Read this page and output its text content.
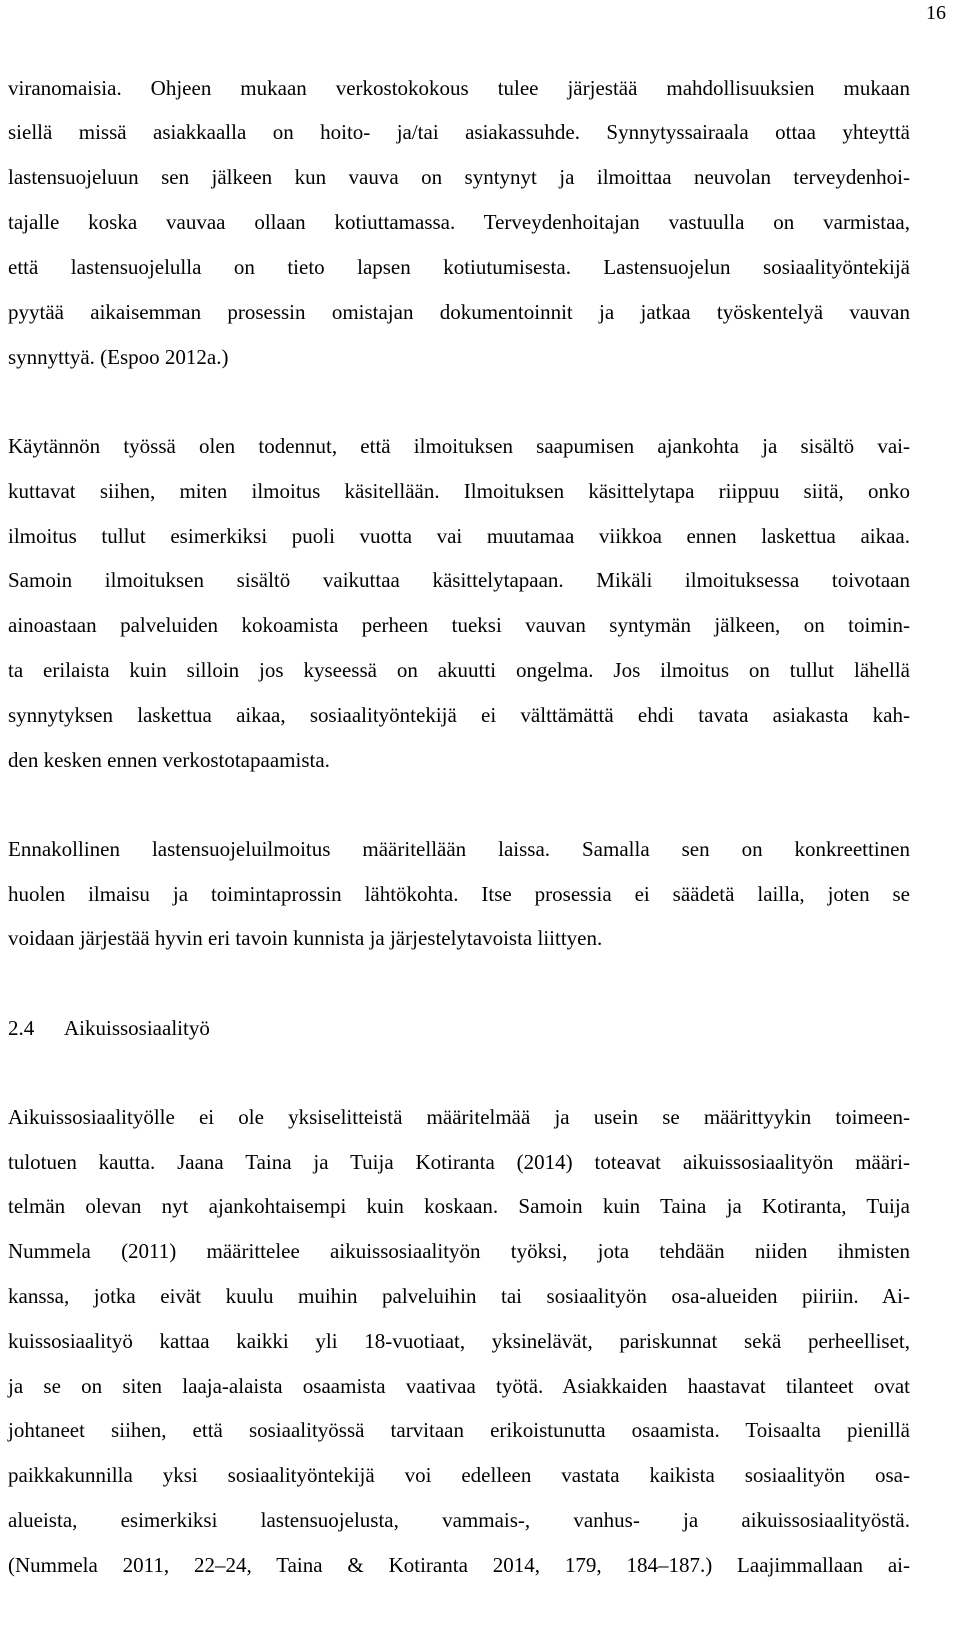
16
viranomaisia. Ohjeen mukaan verkostokokous tulee järjestää mahdollisuuksien mukaan
siellä missä asiakkaalla on hoito- ja/tai asiakassuhde. Synnytyssairaala ottaa yhteyttä
lastensuojeluun sen jälkeen kun vauva on syntynyt ja ilmoittaa neuvolan terveydenhoi-
tajalle koska vauvaa ollaan kotiuttamassa. Terveydenhoitajan vastuulla on varmistaa,
että lastensuojelulla on tieto lapsen kotiutumisesta. Lastensuojelun sosiaalityöntekijä
pyytää aikaisemman prosessin omistajan dokumentoinnit ja jatkaa työskentelyä vauvan
synnyttyä. (Espoo 2012a.)
Käytännön työssä olen todennut, että ilmoituksen saapumisen ajankohta ja sisältö vai-
kuttavat siihen, miten ilmoitus käsitellään. Ilmoituksen käsittelytapa riippuu siitä, onko
ilmoitus tullut esimerkiksi puoli vuotta vai muutamaa viikkoa ennen laskettua aikaa.
Samoin ilmoituksen sisältö vaikuttaa käsittelytapaan. Mikäli ilmoituksessa toivotaan
ainoastaan palveluiden kokoamista perheen tueksi vauvan syntymän jälkeen, on toimin-
ta erilaista kuin silloin jos kyseessä on akuutti ongelma. Jos ilmoitus on tullut lähellä
synnytyksen laskettua aikaa, sosiaalityöntekijä ei välttämättä ehdi tavata asiakasta kah-
den kesken ennen verkostotapaamista.
Ennakollinen lastensuojeluilmoitus määritellään laissa. Samalla sen on konkreettinen
huolen ilmaisu ja toimintaprossin lähtökohta. Itse prosessia ei säädetä lailla, joten se
voidaan järjestää hyvin eri tavoin kunnista ja järjestelytavoista liittyen.
2.4 Aikuissosiaalityö
Aikuissosiaalityölle ei ole yksiselitteistä määritelmää ja usein se määrittyykin toimeen-
tulotuen kautta. Jaana Taina ja Tuija Kotiranta (2014) toteavat aikuissosiaalityön määri-
telmän olevan nyt ajankohtaisempi kuin koskaan. Samoin kuin Taina ja Kotiranta, Tuija
Nummela (2011) määrittelee aikuissosiaalityön työksi, jota tehdään niiden ihmisten
kanssa, jotka eivät kuulu muihin palveluihin tai sosiaalityön osa-alueiden piiriin. Ai-
kuissosiaalityö kattaa kaikki yli 18-vuotiaat, yksinelävät, pariskunnat sekä perheelliset,
ja se on siten laaja-alaista osaamista vaativaa työtä. Asiakkaiden haastavat tilanteet ovat
johtaneet siihen, että sosiaalityössä tarvitaan erikoistunutta osaamista. Toisaalta pienillä
paikkakunnilla yksi sosiaalityöntekijä voi edelleen vastata kaikista sosiaalityön osa-
alueista, esimerkiksi lastensuojelusta, vammais-, vanhus- ja aikuissosiaalityöstä.
(Nummela 2011, 22–24, Taina & Kotiranta 2014, 179, 184–187.) Laajimmallaan ai-
